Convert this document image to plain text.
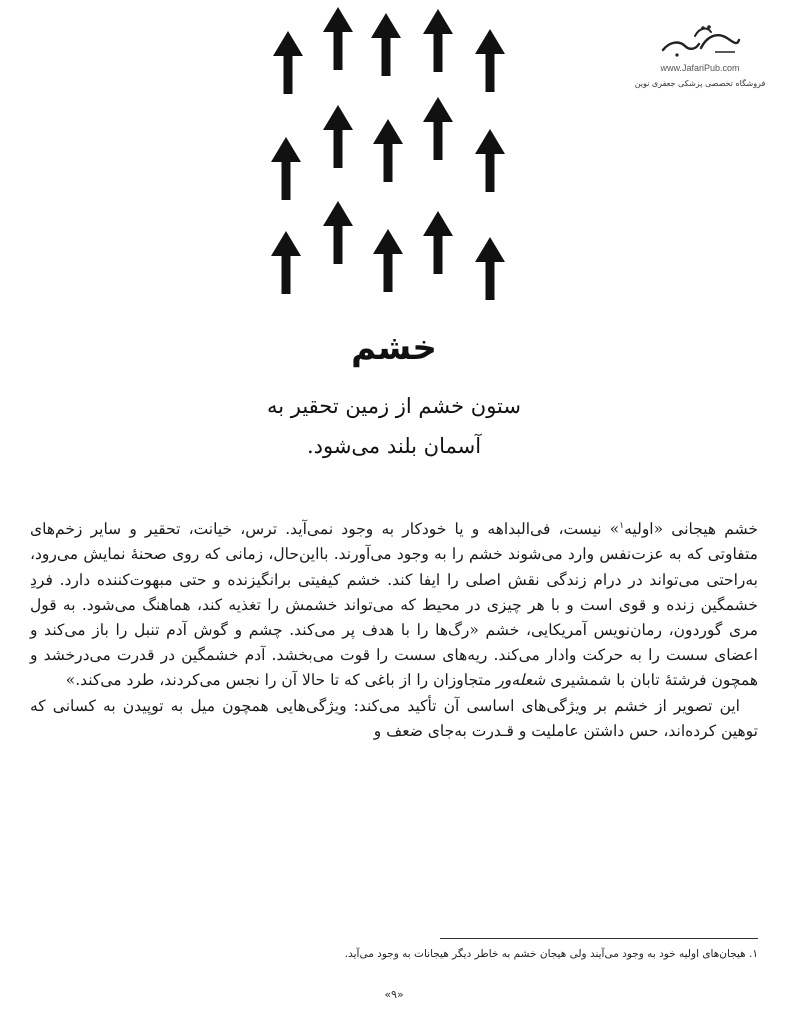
www.JafariPub.com
فروشگاه تخصصی پزشکی جعفری نوین
خشم
ستون خشم از زمین تحقیر به
آسمان بلند می‌شود.

خشم هیجانی «اولیه$^۱$» نیست، فی‌البداهه و یا خودکار به وجود نمی‌آید. ترس، خیانت، تحقیر و سایر زخم‌های متفاوتی که به عزت‌نفس وارد می‌شوند خشم را به وجود می‌آورند. بااین‌حال، زمانی که روی صحنهٔ نمایش می‌رود، به‌راحتی می‌تواند در درام زندگی نقش اصلی را ایفا کند. خشم کیفیتی برانگیزنده و حتی مبهوت‌کننده دارد. فردِ خشمگین زنده و قوی است و با هر چیزی در محیط که می‌تواند خشمش را تغذیه کند، هماهنگ می‌شود. به قول مری گوردون، رمان‌نویس آمریکایی، خشم «رگ‌ها را با هدف پر می‌کند. چشم و گوش آدم تنبل را باز می‌کند و اعضای سست را به حرکت وادار می‌کند. ریه‌های سست را قوت می‌بخشد. آدم خشمگین در قدرت می‌درخشد و همچون فرشتهٔ تابان با شمشیری شعله‌ور متجاوزان را از باغی که تا حالا آن را نجس می‌کردند، طرد می‌کند.»

این تصویر از خشم بر ویژگی‌های اساسی آن تأکید می‌کند: ویژگی‌هایی همچون میل به توپیدن به کسانی که توهین کرده‌اند، حس داشتن عاملیت و قـدرت به‌جای ضعف و

۱. هیجان‌های اولیه خود به وجود می‌آیند ولی هیجان خشم به خاطر دیگر هیجانات به وجود می‌آید.
«۹»
